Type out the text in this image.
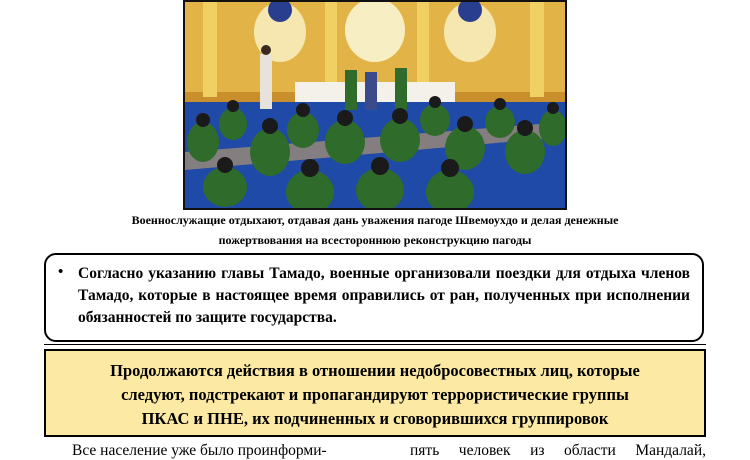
Военнослужащие отдыхают, отдавая дань уважения пагоде Швемоухдо и делая денежные
пожертвования на всестороннюю реконструкцию пагоды
• Согласно указанию главы Тамадо, военные организовали поездки для отдыха членов Тамадо, которые в настоящее время оправились от ран, полученных при исполнении обязанностей по защите государства.
Продолжаются действия в отношении недобросовестных лиц, которые
следуют, подстрекают и пропагандируют террористические группы
ПКАС и ПНЕ, их подчиненных и сговорившихся группировок
Все население уже было проинформи-	пять человек из области Мандалай,
